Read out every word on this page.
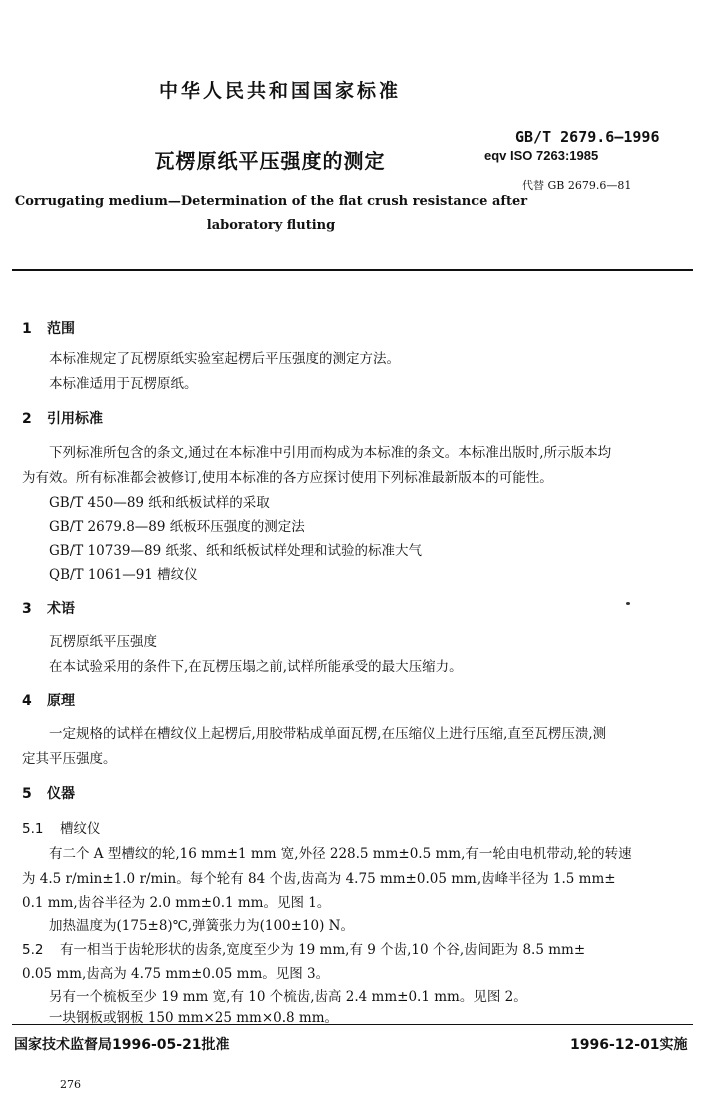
中华人民共和国国家标准
瓦楞原纸平压强度的测定
Corrugating medium—Determination of the flat crush resistance after laboratory fluting
GB/T 2679.6—1996
eqv ISO 7263:1985
代替 GB 2679.6—81
1 范围
本标准规定了瓦楞原纸实验室起楞后平压强度的测定方法。
本标准适用于瓦楞原纸。
2 引用标准
下列标准所包含的条文,通过在本标准中引用而构成为本标准的条文。本标准出版时,所示版本均
为有效。所有标准都会被修订,使用本标准的各方应探讨使用下列标准最新版本的可能性。
GB/T 450—89 纸和纸板试样的采取
GB/T 2679.8—89 纸板环压强度的测定法
GB/T 10739—89 纸浆、纸和纸板试样处理和试验的标准大气
QB/T 1061—91 槽纹仪
3 术语
瓦楞原纸平压强度
在本试验采用的条件下,在瓦楞压塌之前,试样所能承受的最大压缩力。
4 原理
一定规格的试样在槽纹仪上起楞后,用胶带粘成单面瓦楞,在压缩仪上进行压缩,直至瓦楞压溃,测
定其平压强度。
5 仪器
5.1 槽纹仪
有二个 A 型槽纹的轮,16 mm±1 mm 宽,外径 228.5 mm±0.5 mm,有一轮由电机带动,轮的转速
为 4.5 r/min±1.0 r/min。每个轮有 84 个齿,齿高为 4.75 mm±0.05 mm,齿峰半径为 1.5 mm±
0.1 mm,齿谷半径为 2.0 mm±0.1 mm。见图 1。
加热温度为(175±8)℃,弹簧张力为(100±10) N。
5.2 有一相当于齿轮形状的齿条,宽度至少为 19 mm,有 9 个齿,10 个谷,齿间距为 8.5 mm±
0.05 mm,齿高为 4.75 mm±0.05 mm。见图 3。
另有一个梳板至少 19 mm 宽,有 10 个梳齿,齿高 2.4 mm±0.1 mm。见图 2。
一块钢板或钢板 150 mm×25 mm×0.8 mm。
国家技术监督局1996-05-21批准	1996-12-01实施
276
